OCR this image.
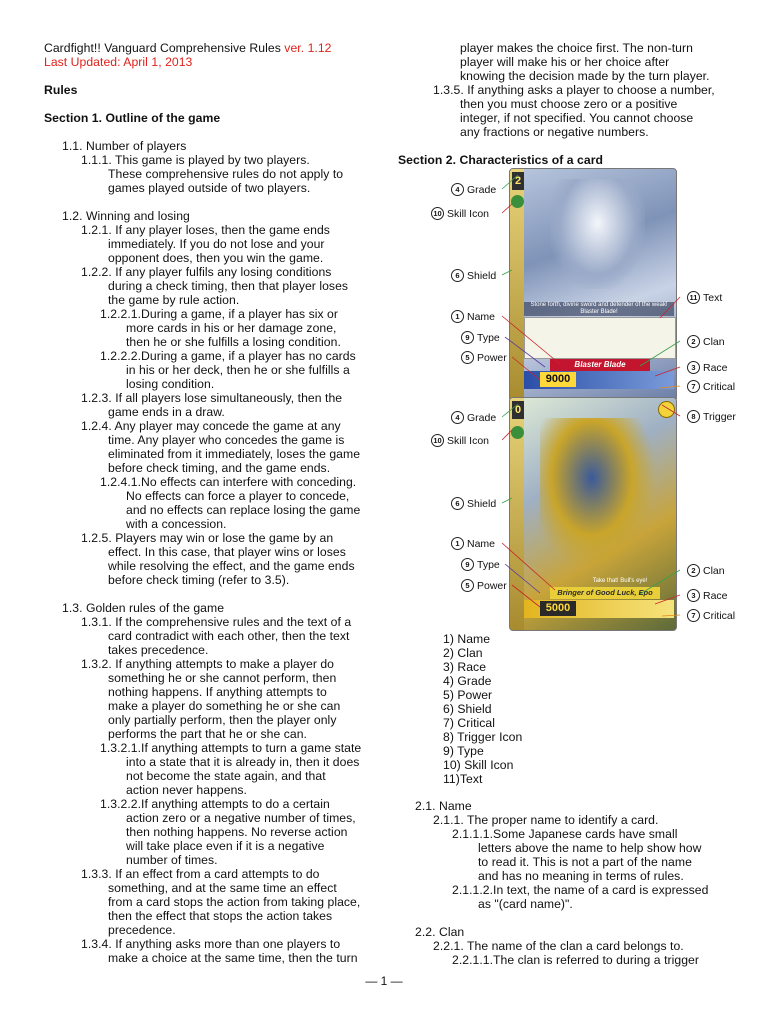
Cardfight!! Vanguard Comprehensive Rules ver. 1.12
Last Updated: April 1, 2013
Rules
Section 1. Outline of the game
1.1. Number of players
1.1.1. This game is played by two players.
These comprehensive rules do not apply to
games played outside of two players.
1.2. Winning and losing
1.2.1. If any player loses, then the game ends
immediately. If you do not lose and your
opponent does, then you win the game.
1.2.2. If any player fulfils any losing conditions
during a check timing, then that player loses
the game by rule action.
1.2.2.1.During a game, if a player has six or
more cards in his or her damage zone,
then he or she fulfills a losing condition.
1.2.2.2.During a game, if a player has no cards
in his or her deck, then he or she fulfills a
losing condition.
1.2.3. If all players lose simultaneously, then the
game ends in a draw.
1.2.4. Any player may concede the game at any
time. Any player who concedes the game is
eliminated from it immediately, loses the game
before check timing, and the game ends.
1.2.4.1.No effects can interfere with conceding.
No effects can force a player to concede,
and no effects can replace losing the game
with a concession.
1.2.5. Players may win or lose the game by an
effect. In this case, that player wins or loses
while resolving the effect, and the game ends
before check timing (refer to 3.5).
1.3. Golden rules of the game
1.3.1. If the comprehensive rules and the text of a
card contradict with each other, then the text
takes precedence.
1.3.2. If anything attempts to make a player do
something he or she cannot perform, then
nothing happens. If anything attempts to
make a player do something he or she can
only partially perform, then the player only
performs the part that he or she can.
1.3.2.1.If anything attempts to turn a game state
into a state that it is already in, then it does
not become the state again, and that
action never happens.
1.3.2.2.If anything attempts to do a certain
action zero or a negative number of times,
then nothing happens. No reverse action
will take place even if it is a negative
number of times.
1.3.3. If an effect from a card attempts to do
something, and at the same time an effect
from a card stops the action from taking place,
then the effect that stops the action takes
precedence.
1.3.4. If anything asks more than one players to
make a choice at the same time, then the turn
player makes the choice first. The non-turn
player will make his or her choice after
knowing the decision made by the turn player.
1.3.5. If anything asks a player to choose a number,
then you must choose zero or a positive
integer, if not specified. You cannot choose
any fractions or negative numbers.
Section 2. Characteristics of a card
1) Name
2) Clan
3) Race
4) Grade
5) Power
6) Shield
7) Critical
8) Trigger Icon
9) Type
10) Skill Icon
11)Text
2.1. Name
2.1.1. The proper name to identify a card.
2.1.1.1.Some Japanese cards have small
letters above the name to help show how
to read it. This is not a part of the name
and has no meaning in terms of rules.
2.1.1.2.In text, the name of a card is expressed
as "(card name)".
2.2. Clan
2.2.1. The name of the clan a card belongs to.
2.2.1.1.The clan is referred to during a trigger
2
Stone forth, divine sword and defender of the weak! Blaster Blade!
Blaster Blade
9000
0
Take that! Bull's eye!
Bringer of Good Luck, Epo
5000
4 Grade
10 Skill Icon
6 Shield
11 Text
1 Name
9 Type	2 Clan
5 Power
3 Race
7 Critical
4 Grade	8 Trigger
10 Skill Icon
6 Shield
1 Name
9 Type	2 Clan
5 Power
3 Race
7 Critical
— 1 —
